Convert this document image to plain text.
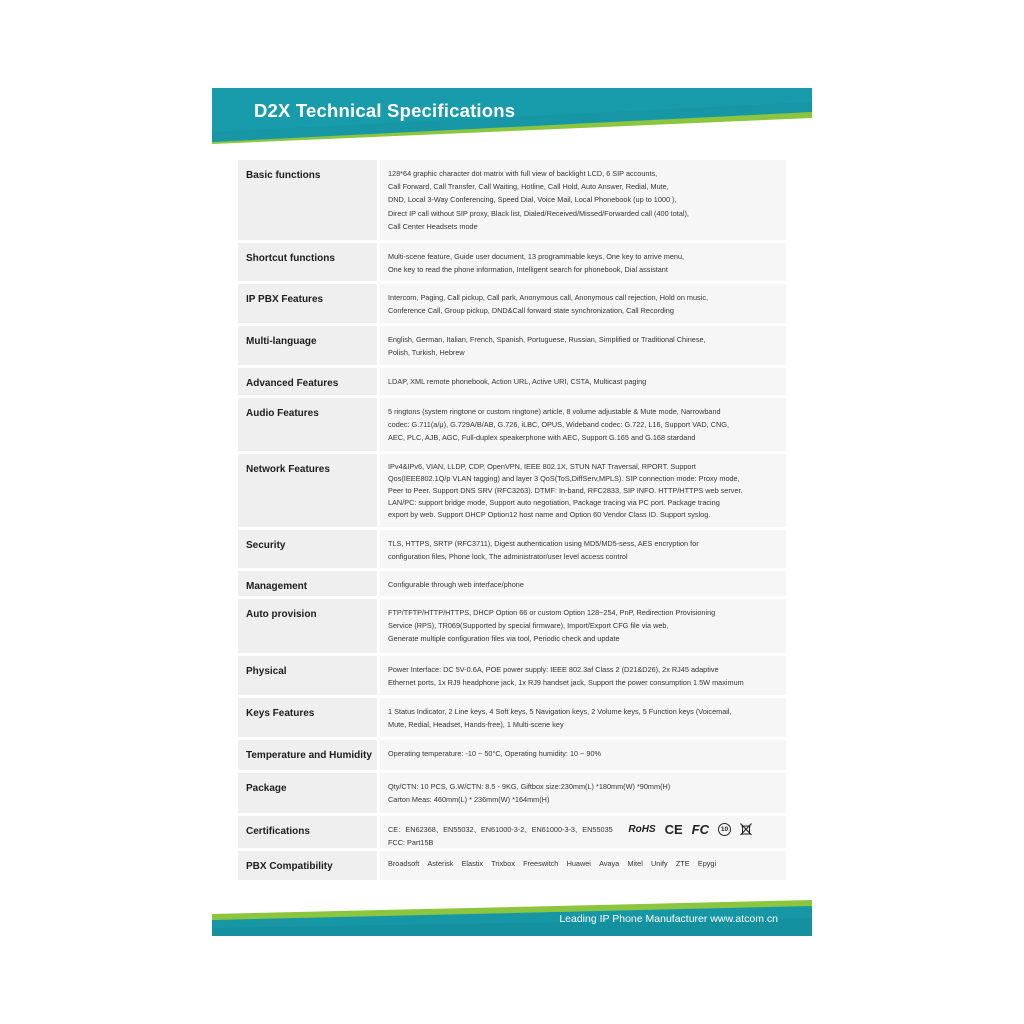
D2X Technical Specifications
Basic functions	128*64 graphic character dot matrix with full view of backlight LCD, 6 SIP accounts,
Call Forward, Call Transfer, Call Waiting, Hotline, Call Hold, Auto Answer, Redial, Mute,
DND, Local 3-Way Conferencing, Speed Dial, Voice Mail, Local Phonebook (up to 1000 ),
Direct IP call without SIP proxy, Black list, Dialed/Received/Missed/Forwarded call (400 total),
Call Center Headsets mode
Shortcut functions	Multi-scene feature, Guide user document, 13 programmable keys, One key to arrive menu,
One key to read the phone information, Intelligent search for phonebook, Dial assistant
IP PBX Features	Intercom, Paging, Call pickup, Call park, Anonymous call, Anonymous call rejection, Hold on music,
Conference Call, Group pickup, DND&Call forward state synchronization, Call Recording
Multi-language	English, German, Italian, French, Spanish, Portuguese, Russian, Simplified or Traditional Chinese,
Polish, Turkish, Hebrew
Advanced Features	LDAP, XML remote phonebook, Action URL, Active URI, CSTA, Multicast paging
Audio Features	5 ringtons (system ringtone or custom ringtone) article, 8 volume adjustable & Mute mode, Narrowband
codec: G.711(a/μ), G.729A/B/AB, G.726, iLBC, OPUS, Wideband codec: G.722, L16, Support VAD, CNG,
AEC, PLC, AJB, AGC, Full-duplex speakerphone with AEC, Support G.165 and G.168 stardand
Network Features	IPv4&IPv6, VIAN, LLDP, CDP, OpenVPN, IEEE 802.1X, STUN NAT Traversal, RPORT. Support
Qos(IEEE802.1Q/p VLAN tagging) and layer 3 QoS(ToS,DiffServ,MPLS). SIP connection mode: Proxy mode,
Peer to Peer. Support DNS SRV (RFC3263). DTMF: In-band, RFC2833, SIP INFO. HTTP/HTTPS web server.
LAN/PC: support bridge mode, Support auto negotiation, Package tracing via PC port. Package tracing
export by web. Support DHCP Option12 host name and Option 60 Vendor Class ID. Support syslog.
Security	TLS, HTTPS, SRTP (RFC3711), Digest authentication using MD5/MD5-sess, AES encryption for
configuration files, Phone lock, The administrator/user level access control
Management	Configurable through web interface/phone
Auto provision	FTP/TFTP/HTTP/HTTPS, DHCP Option 66 or custom Option 128~254, PnP, Redirection Provisioning
Service (RPS), TR069(Supported by special firmware), Import/Export CFG file via web,
Generate multiple configuration files via tool, Periodic check and update
Physical	Power Interface: DC 5V-0.6A, POE power supply: IEEE 802.3af Class 2 (D21&D26), 2x RJ45 adaptive
Ethernet ports, 1x RJ9 headphone jack, 1x RJ9 handset jack, Support the power consumption 1.5W maximum
Keys Features	1 Status Indicator, 2 Line keys, 4 Soft keys, 5 Navigation keys, 2 Volume keys, 5 Function keys (Voicemail,
Mute, Redial, Headset, Hands-free), 1 Multi-scene key
Temperature and Humidity	Operating temperature: -10 ~ 50°C, Operating humidity: 10 ~ 90%
Package	Qty/CTN: 10 PCS, G.W/CTN: 8.5 - 9KG, Giftbox size:230mm(L) *180mm(W) *90mm(H)
Carton Meas: 460mm(L) * 236mm(W) *164mm(H)
Certifications	CE：EN62368、EN55032、EN61000-3-2、EN61000-3-3、EN55035
FCC: Part15B
RoHS CE FC	10
PBX Compatibility	Broadsoft Asterisk Elastix Trixbox Freeswitch Huawei Avaya Mitel Unify ZTE Epygi
Leading IP Phone Manufacturer www.atcom.cn
